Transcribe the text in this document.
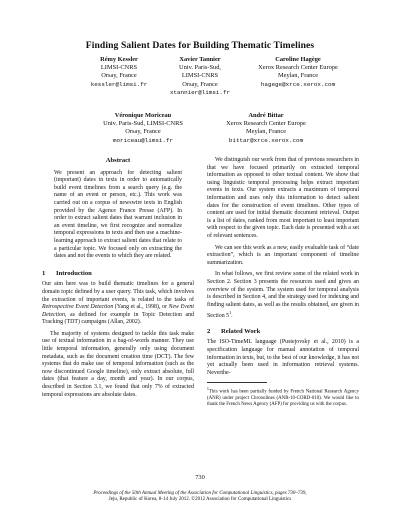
Finding Salient Dates for Building Thematic Timelines
Rémy Kessler
LIMSI-CNRS
Orsay, France
kessler@limsi.fr
Xavier Tannier
Univ. Paris-Sud,
LIMSI-CNRS
Orsay, France
xtannier@limsi.fr
Caroline Hagège
Xerox Research Center Europe
Meylan, France
hagege@xrce.xerox.com
Véronique Moriceau
Univ. Paris-Sud, LIMSI-CNRS
Orsay, France
moriceau@limsi.fr
André Bittar
Xerox Research Center Europe
Meylan, France
bittar@xrce.xerox.com
Abstract

We present an approach for detecting salient (important) dates in texts in order to automatically build event timelines from a search query (e.g. the name of an event or person, etc.). This work was carried out on a corpus of newswire texts in English provided by the Agence France Presse (AFP). In order to extract salient dates that warrant inclusion in an event timeline, we first recognize and normalize temporal expressions in texts and then use a machine-learning approach to extract salient dates that relate to a particular topic. We focused only on extracting the dates and not the events to which they are related.

1 Introduction

Our aim here was to build thematic timelines for a general domain topic defined by a user query. This task, which involves the extraction of important events, is related to the tasks of Retrospective Event Detection (Yang et al., 1998), or New Event Detection, as defined for example in Topic Detection and Tracking (TDT) campaigns (Allan, 2002).

The majority of systems designed to tackle this task make use of textual information in a bag-of-words manner. They use little temporal information, generally only using document metadata, such as the document creation time (DCT). The few systems that do make use of temporal information (such as the now discontinued Google timeline), only extract absolute, full dates (that feature a day, month and year). In our corpus, described in Section 3.1, we found that only 7% of extracted temporal expressions are absolute dates.

We distinguish our work from that of previous researchers in that we have focused primarily on extracted temporal information as opposed to other textual content. We show that using linguistic temporal processing helps extract important events in texts. Our system extracts a maximum of temporal information and uses only this information to detect salient dates for the construction of event timelines. Other types of content are used for initial thematic document retrieval. Output is a list of dates, ranked from most important to least important with respect to the given topic. Each date is presented with a set of relevant sentences.

We can see this work as a new, easily evaluable task of “date extraction”, which is an important component of timeline summarization.

In what follows, we first review some of the related work in Section 2. Section 3 presents the resources used and gives an overview of the system. The system used for temporal analysis is described in Section 4, and the strategy used for indexing and finding salient dates, as well as the results obtained, are given in Section $5^1$.

2 Related Work

The ISO-TimeML language (Pustejovsky et al., 2010) is a specification language for manual annotation of temporal information in texts, but, to the best of our knowledge, it has not yet actually been used in information retrieval systems. Neverthe-

$^1$This work has been partially funded by French National Research Agency (ANR) under project Chronolines (ANR-10-CORD-010). We would like to thank the French News Agency (AFP) for providing us with the corpus.

730
Proceedings of the 50th Annual Meeting of the Association for Computational Linguistics, pages 730–739,
Jeju, Republic of Korea, 8-14 July 2012. ©2012 Association for Computational Linguistics
